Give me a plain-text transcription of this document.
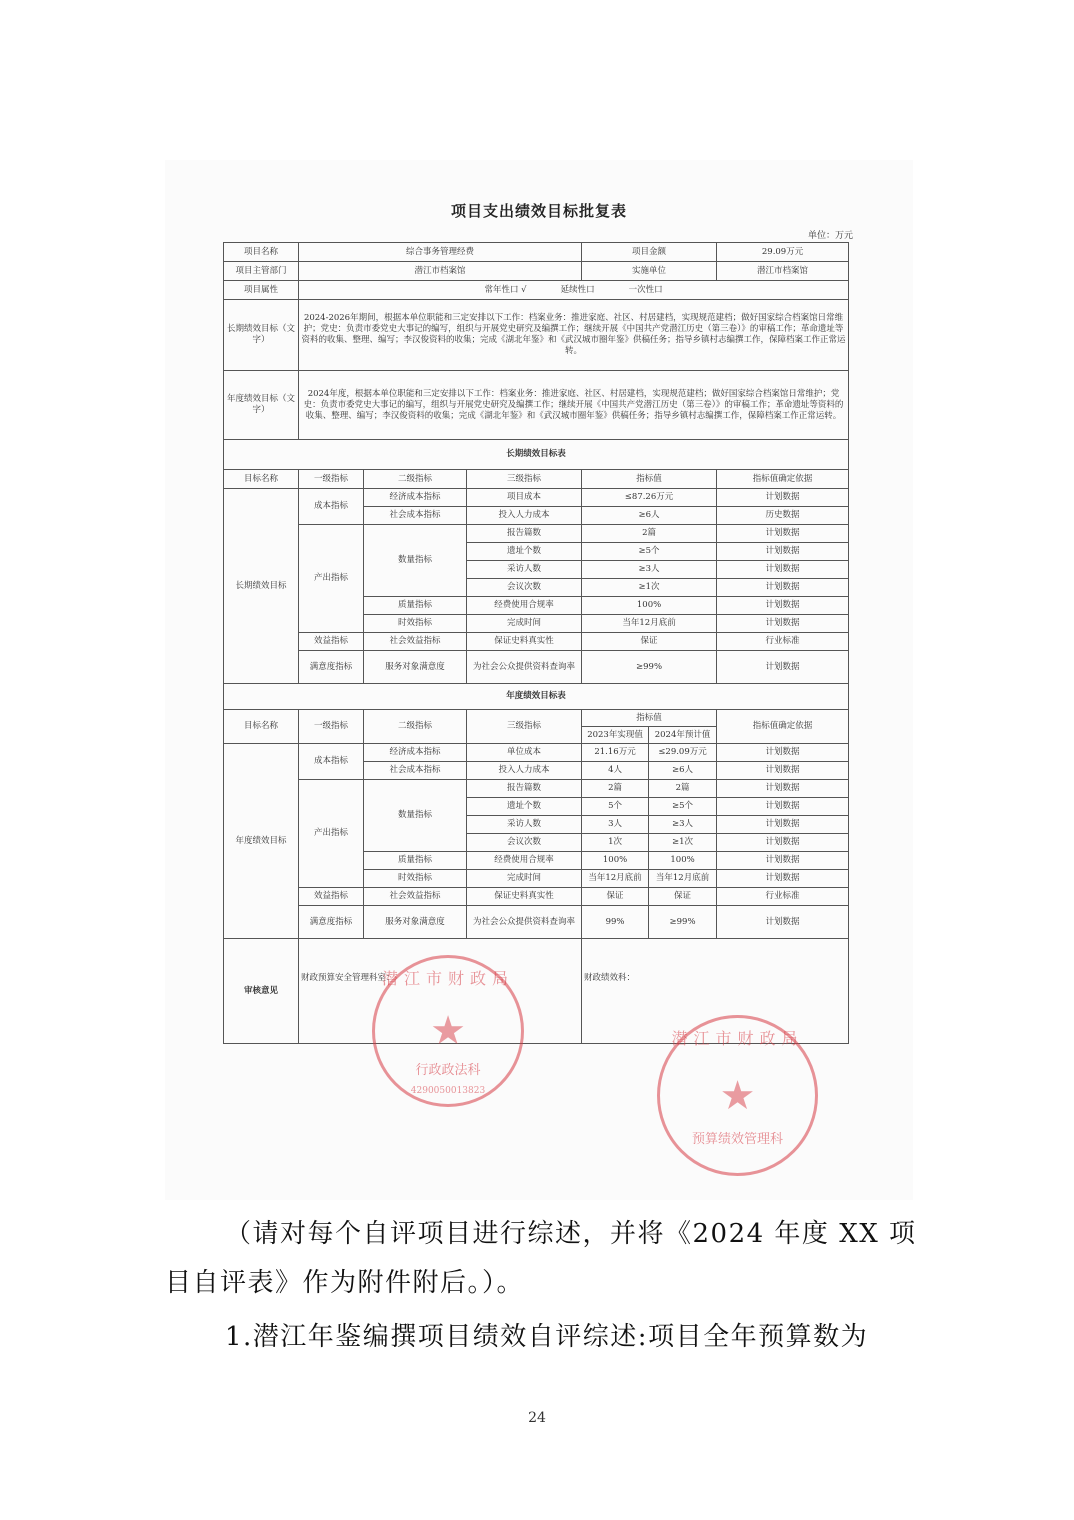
项目支出绩效目标批复表
单位：万元
项目名称	综合事务管理经费			项目金额		29.09万元
项目主管部门	潜江市档案馆			实施单位		潜江市档案馆
项目属性	常年性口 √　　　　延续性口　　　　一次性口					
长期绩效目标（文字）	2024-2026年期间，根据本单位职能和三定安排以下工作：档案业务：推进家庭、社区、村居建档，实现规范建档；做好国家综合档案馆日常维护；党史：负责市委党史大事记的编写，组织与开展党史研究及编撰工作；继续开展《中国共产党潜江历史（第三卷）》的审稿工作；革命遗址等资料的收集、整理、编写；李汉俊资料的收集；完成《湖北年鉴》和《武汉城市圈年鉴》供稿任务；指导乡镇村志编撰工作，保障档案工作正常运转。					
年度绩效目标（文字）	2024年度，根据本单位职能和三定安排以下工作：档案业务：推进家庭、社区、村居建档，实现规范建档；做好国家综合档案馆日常维护；党史：负责市委党史大事记的编写，组织与开展党史研究及编撰工作；继续开展《中国共产党潜江历史（第三卷）》的审稿工作；革命遗址等资料的收集、整理、编写；李汉俊资料的收集；完成《湖北年鉴》和《武汉城市圈年鉴》供稿任务；指导乡镇村志编撰工作，保障档案工作正常运转。					
长期绩效目标表						
目标名称	一级指标	二级指标	三级指标	指标值		指标值确定依据
长期绩效目标	成本指标	经济成本指标	项目成本	≤87.26万元		计划数据
		社会成本指标	投入人力成本	≥6人		历史数据
	产出指标	数量指标	报告篇数	2篇		计划数据
			遗址个数	≥5个		计划数据
			采访人数	≥3人		计划数据
			会议次数	≥1次		计划数据
		质量指标	经费使用合规率	100%		计划数据
		时效指标	完成时间	当年12月底前		计划数据
	效益指标	社会效益指标	保证史料真实性	保证		行业标准
	满意度指标	服务对象满意度	为社会公众提供资料查询率	≥99%		计划数据
年度绩效目标表						
目标名称	一级指标	二级指标	三级指标	指标值		指标值确定依据
				2023年实现值	2024年预计值	
年度绩效目标	成本指标	经济成本指标	单位成本	21.16万元	≤29.09万元	计划数据
		社会成本指标	投入人力成本	4人	≥6人	计划数据
	产出指标	数量指标	报告篇数	2篇	2篇	计划数据
			遗址个数	5个	≥5个	计划数据
			采访人数	3人	≥3人	计划数据
			会议次数	1次	≥1次	计划数据
		质量指标	经费使用合规率	100%	100%	计划数据
		时效指标	完成时间	当年12月底前	当年12月底前	计划数据
	效益指标	社会效益指标	保证史料真实性	保证	保证	行业标准
	满意度指标	服务对象满意度	为社会公众提供资料查询率	99%	≥99%	计划数据
审核意见	财政预算安全管理科室：			财政绩效科：		
潜江市财政局
★
行政政法科
4290050013823
潜江市财政局
★
预算绩效管理科
（请对每个自评项目进行综述，并将《2024 年度 XX 项
目自评表》作为附件附后。）。
1.潜江年鉴编撰项目绩效自评综述:项目全年预算数为
24
